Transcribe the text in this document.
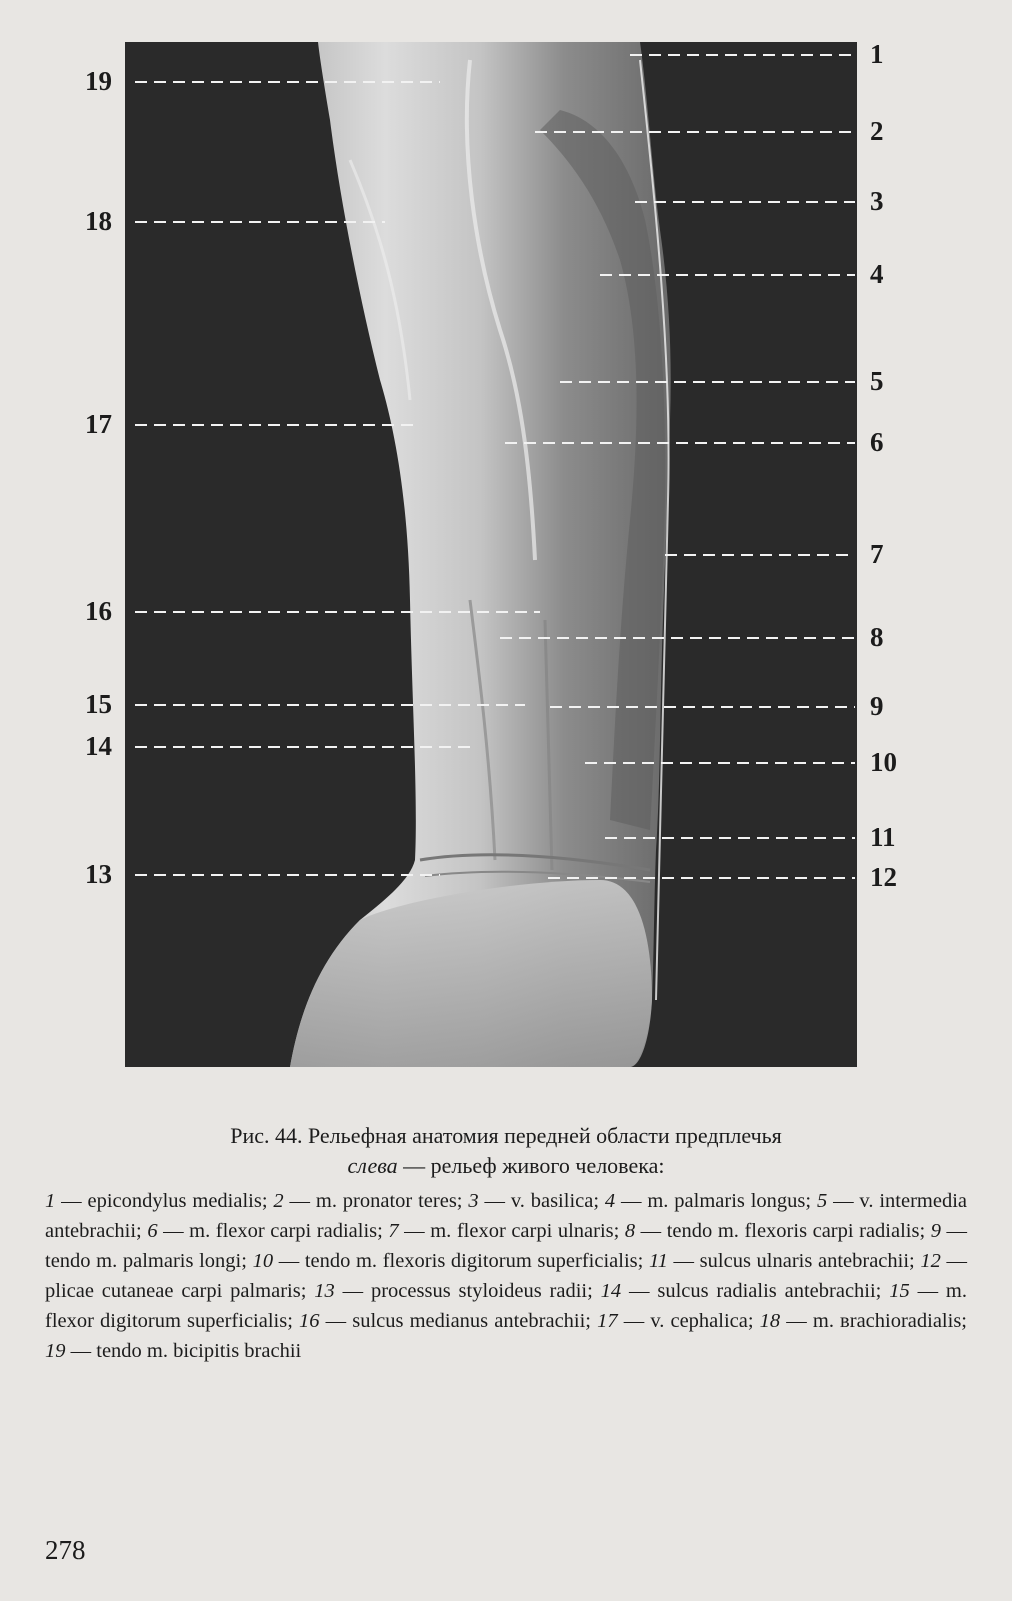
19
18
17
16
15
14
13
1
2
3
4
5
6
7
8
9
10
11
12
Рис. 44. Рельефная анатомия передней области предплечья
слева — рельеф живого человека:
1 — epicondylus medialis; 2 — m. pronator teres; 3 — v. basilica; 4 — m. palmaris longus; 5 — v. intermedia antebrachii; 6 — m. flexor carpi radialis; 7 — m. flexor carpi ulnaris; 8 — tendo m. flexoris carpi radialis; 9 — tendo m. palmaris longi; 10 — tendo m. flexoris digitorum superficialis; 11 — sulcus ulnaris antebrachii; 12 — plicae cutaneae carpi palmaris; 13 — processus styloideus radii; 14 — sulcus radialis antebrachii; 15 — m. flexor digitorum superficialis; 16 — sulcus medianus antebrachii; 17 — v. cephalica; 18 — m. вrachioradialis; 19 — tendo m. bicipitis brachii
278
